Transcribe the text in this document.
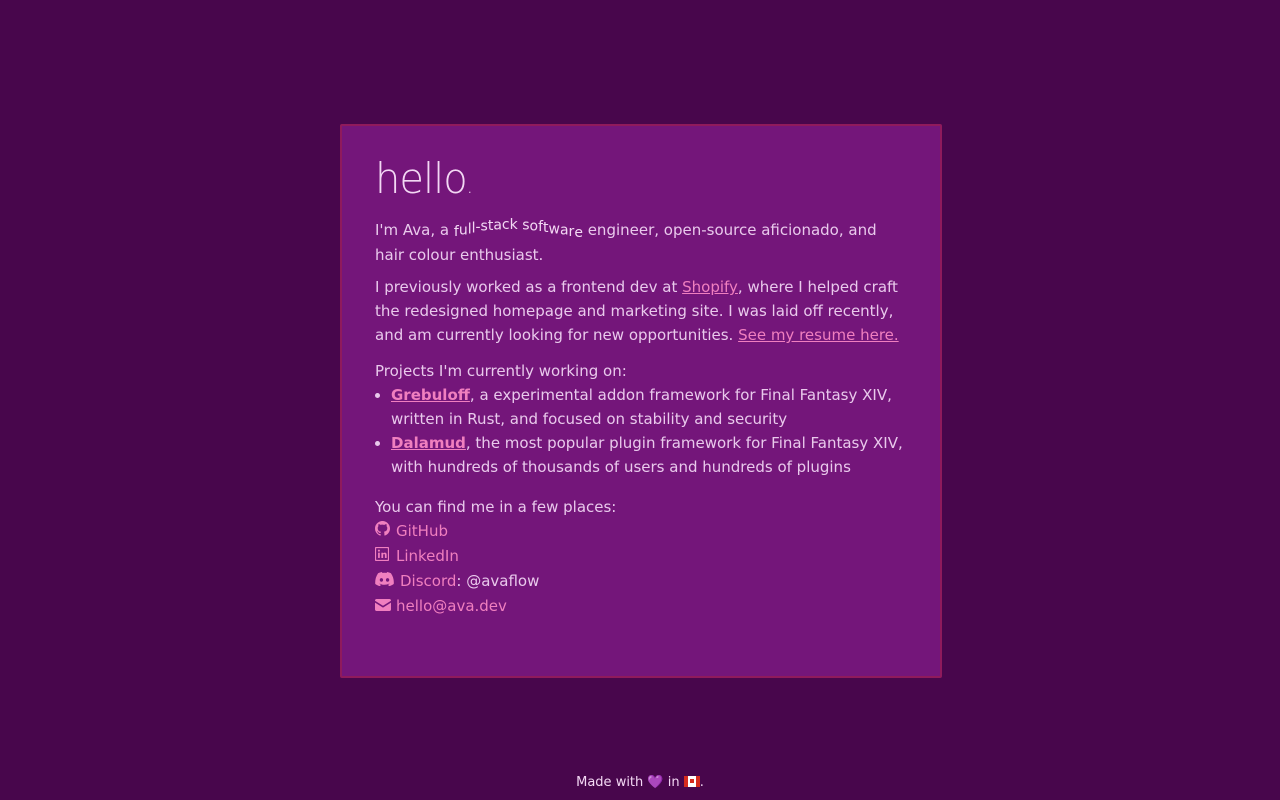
hello.

I'm Ava, a full-stack software engineer, open-source aficionado, and hair colour enthusiast.

I previously worked as a frontend dev at Shopify, where I helped craft the redesigned homepage and marketing site. I was laid off recently, and am currently looking for new opportunities. See my resume here.

Projects I'm currently working on:

• Grebuloff, a experimental addon framework for Final Fantasy XIV, written in Rust, and focused on stability and security
• Dalamud, the most popular plugin framework for Final Fantasy XIV, with hundreds of thousands of users and hundreds of plugins

You can find me in a few places:

GitHub
LinkedIn
Discord: @avaflow
hello@ava.dev
Made with 💜 in .
